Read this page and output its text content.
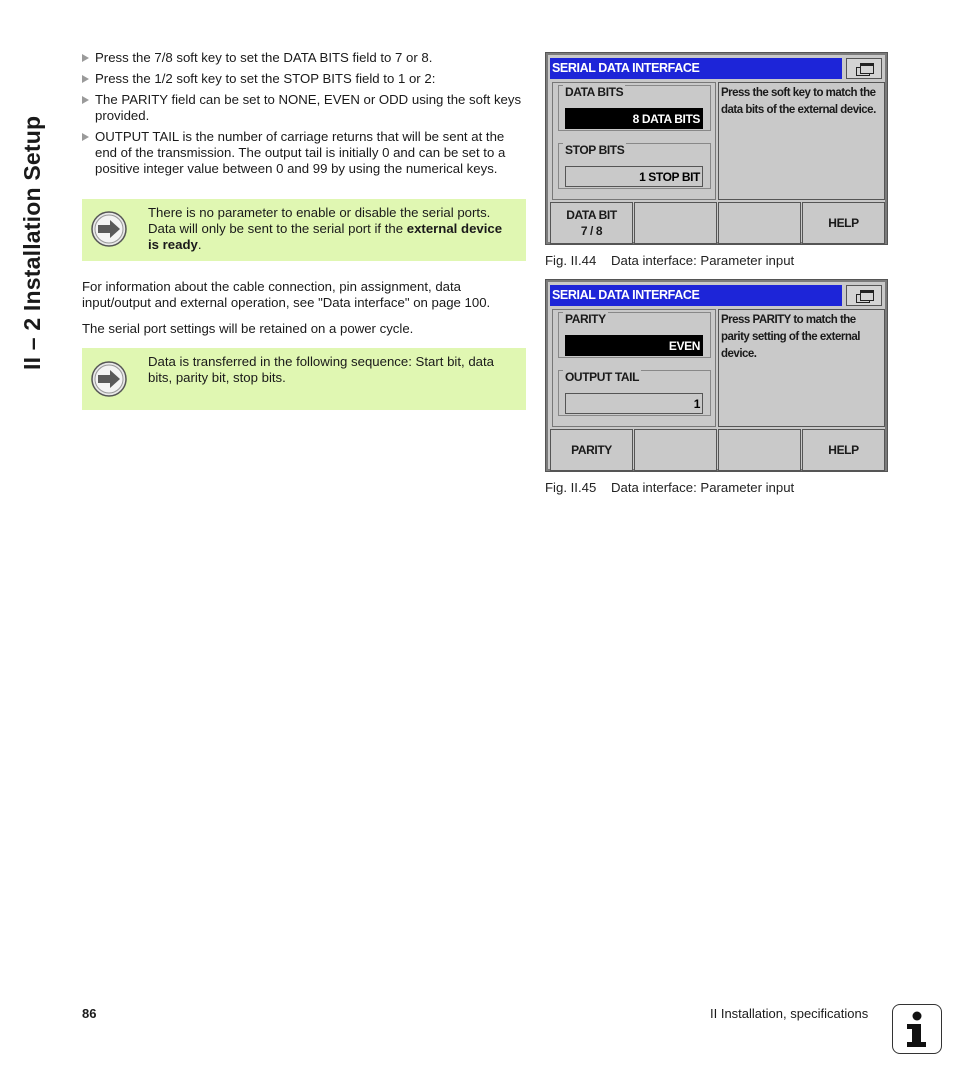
II – 2 Installation Setup
Press the 7/8 soft key to set the DATA BITS field to 7 or 8.
Press the 1/2 soft key to set the STOP BITS field to 1 or 2:
The PARITY field can be set to NONE, EVEN or ODD using the soft keys provided.
OUTPUT TAIL is the number of carriage returns that will be sent at the end of the transmission. The output tail is initially 0 and can be set to a positive integer value between 0 and 99 by using the numerical keys.
There is no parameter to enable or disable the serial ports. Data will only be sent to the serial port if the external device is ready.

For information about the cable connection, pin assignment, data input/output and external operation, see "Data interface" on page 100.

The serial port settings will be retained on a power cycle.

Data is transferred in the following sequence: Start bit, data bits, parity bit, stop bits.
SERIAL DATA INTERFACE
DATA BITS
8 DATA BITS
STOP BITS
1 STOP BIT
Press the soft key to match the data bits of the external device.
DATA BIT
7 / 8
HELP
Fig. II.44 Data interface: Parameter input
SERIAL DATA INTERFACE
PARITY
EVEN
OUTPUT TAIL
1
Press PARITY to match the parity setting of the external device.
PARITY	HELP
Fig. II.45 Data interface: Parameter input
86	II Installation, specifications
